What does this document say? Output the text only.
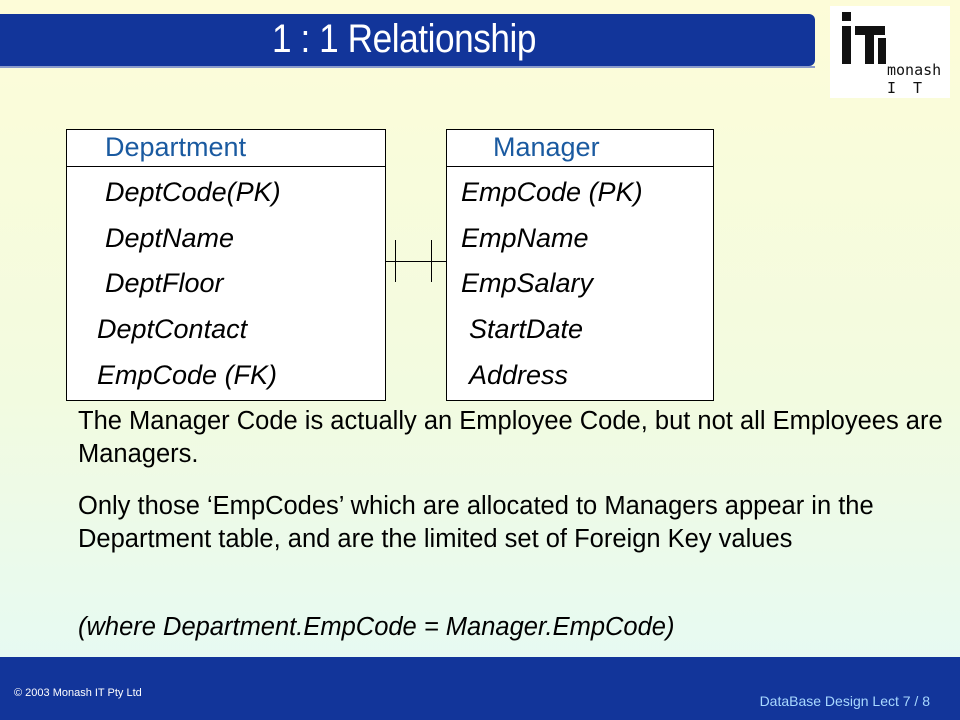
1 : 1 Relationship
monash
I T
Department
DeptCode(PK)
DeptName
DeptFloor
DeptContact
EmpCode (FK)
Manager
EmpCode (PK)
EmpName
EmpSalary
StartDate
Address
The Manager Code is actually an Employee Code, but not all Employees are Managers.
Only those ‘EmpCodes’ which are allocated to Managers appear in the Department table, and are the limited set of Foreign Key values
(where Department.EmpCode = Manager.EmpCode)
© 2003 Monash IT Pty Ltd	DataBase Design Lect 7 / 8
